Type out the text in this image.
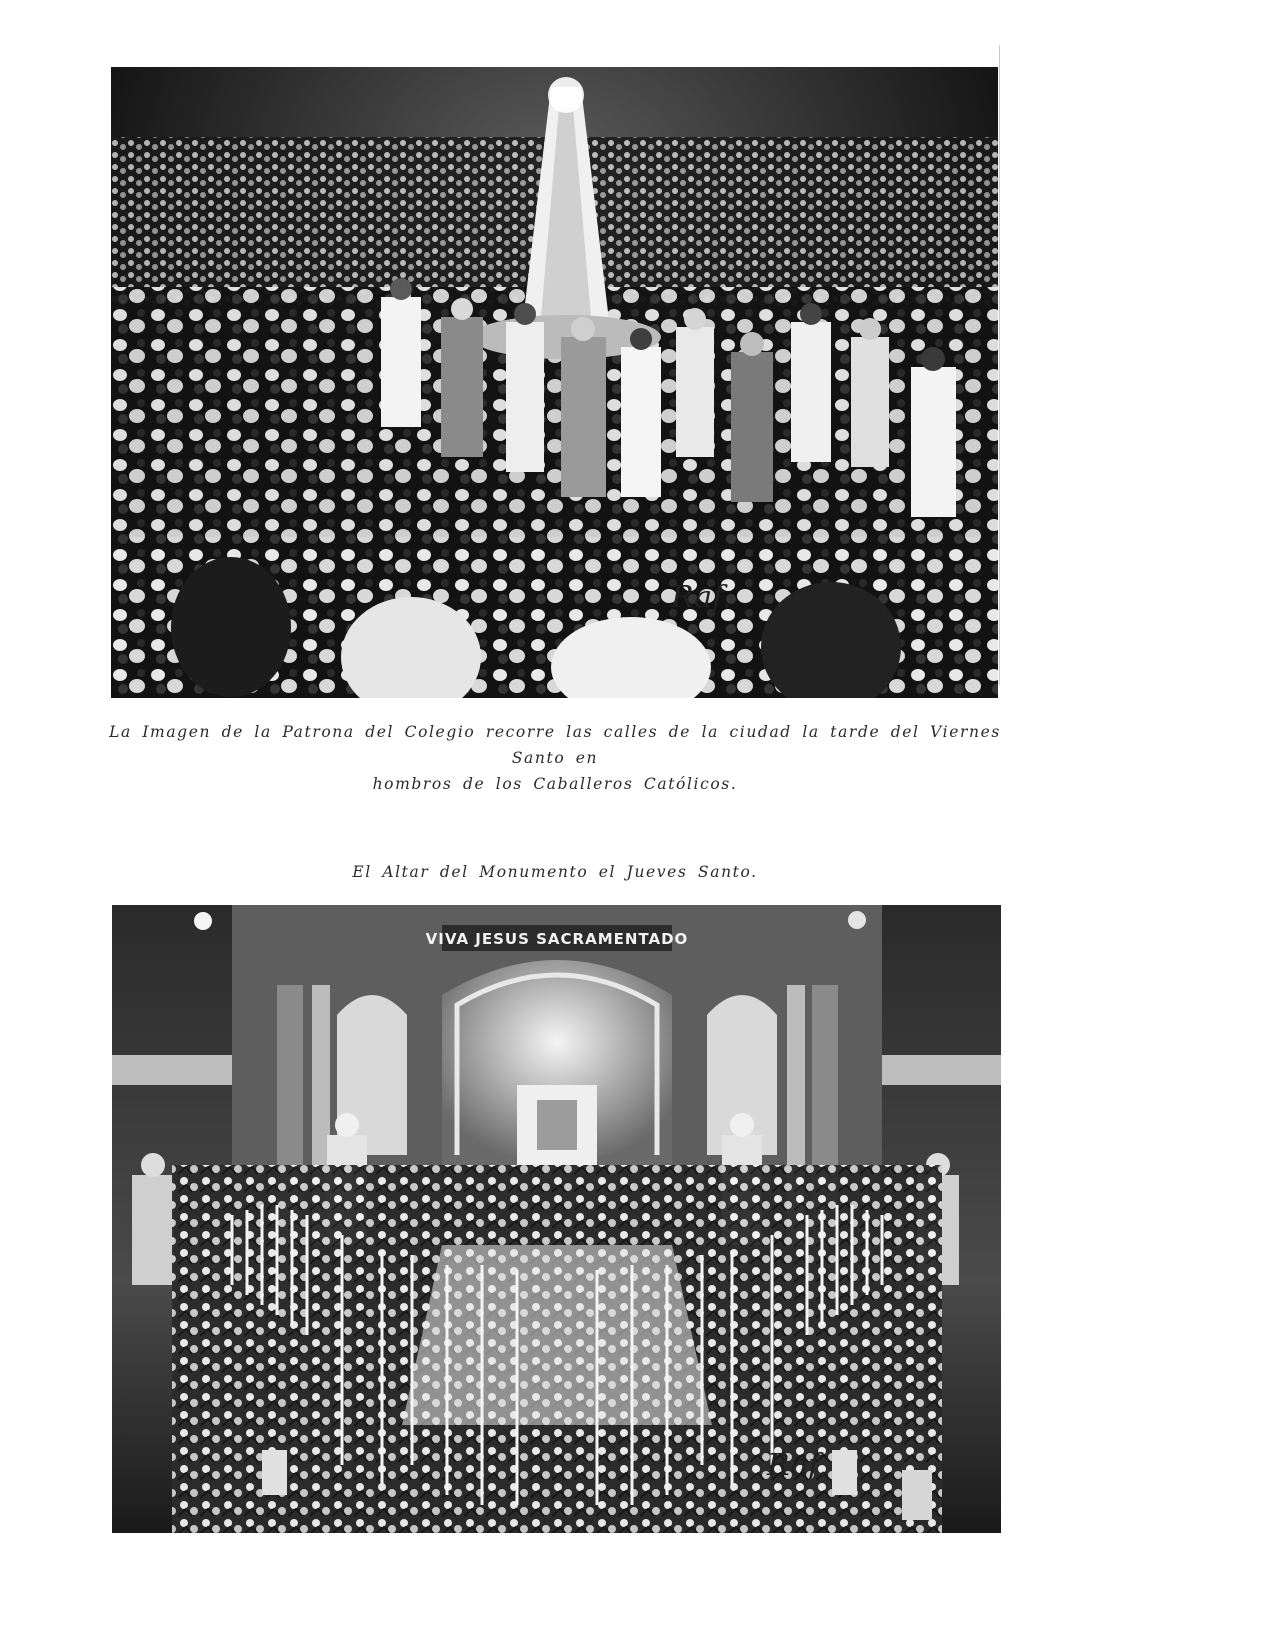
Raf.
La Imagen de la Patrona del Colegio recorre las calles de la ciudad la tarde del Viernes Santo en
hombros de los Caballeros Católicos.
El Altar del Monumento el Jueves Santo.
VIVA JESUS SACRAMENTADO
Raf.
